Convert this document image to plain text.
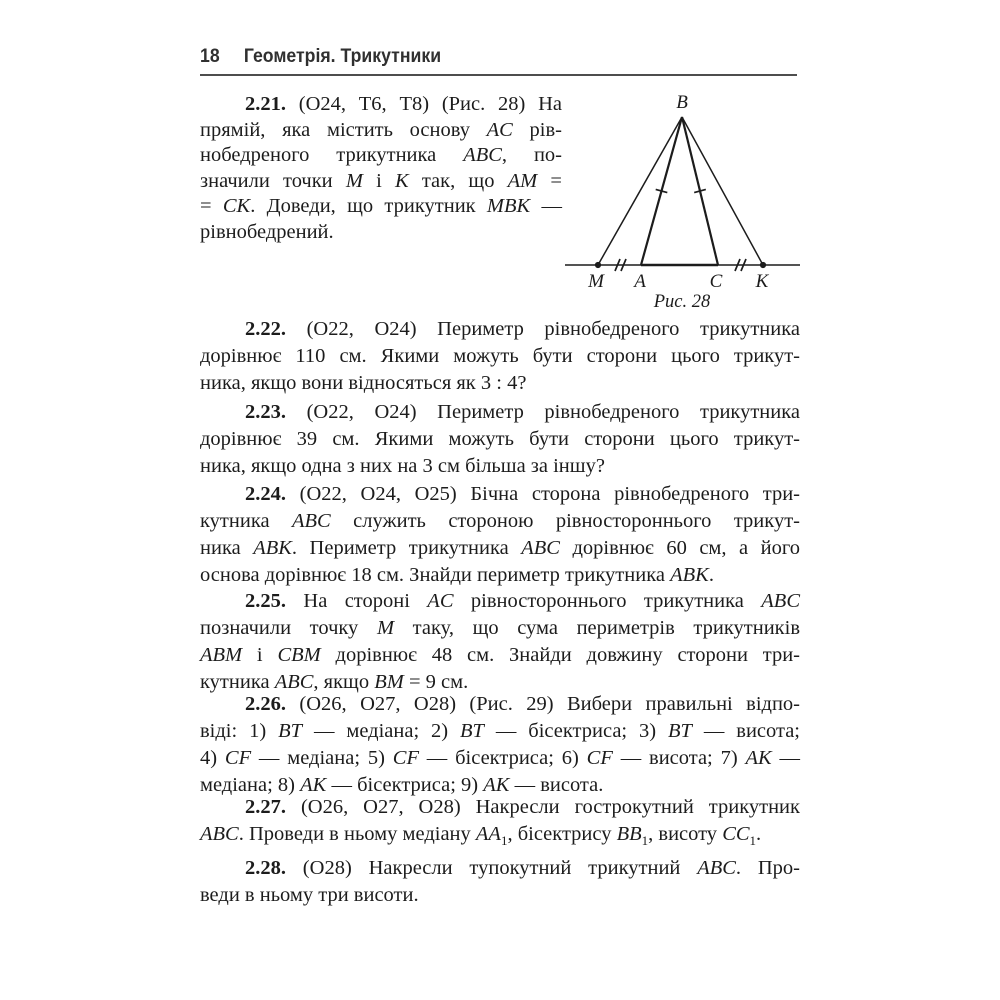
18 Геометрія. Трикутники
2.21. (О24, Т6, Т8) (Рис. 28) На
прямій, яка містить основу AC рів-
нобедреного трикутника ABC, по-
значили точки M і K так, що AM =
= CK. Доведи, що трикутник MBK —
рівнобедрений.
2.22. (О22, О24) Периметр рівнобедреного трикутника
дорівнює 110 см. Якими можуть бути сторони цього трикут-
ника, якщо вони відносяться як 3 : 4?
2.23. (О22, О24) Периметр рівнобедреного трикутника
дорівнює 39 см. Якими можуть бути сторони цього трикут-
ника, якщо одна з них на 3 см більша за іншу?
2.24. (О22, О24, О25) Бічна сторона рівнобедреного три-
кутника ABC служить стороною рівностороннього трикут-
ника ABK. Периметр трикутника ABC дорівнює 60 см, а його
основа дорівнює 18 см. Знайди периметр трикутника ABK.
2.25. На стороні AC рівностороннього трикутника ABC
позначили точку M таку, що сума периметрів трикутників
ABM і CBM дорівнює 48 см. Знайди довжину сторони три-
кутника ABC, якщо BM = 9 см.
2.26. (О26, О27, О28) (Рис. 29) Вибери правильні відпо-
віді: 1) BT — медіана; 2) BT — бісектриса; 3) BT — висота;
4) CF — медіана; 5) CF — бісектриса; 6) CF — висота; 7) AK —
медіана; 8) AK — бісектриса; 9) AK — висота.
2.27. (О26, О27, О28) Накресли гострокутний трикутник
ABC. Проведи в ньому медіану $AA_1$, бісектрису $BB_1$, висоту $CC_1$.
2.28. (О28) Накресли тупокутний трикутний ABC. Про-
веди в ньому три висоти.
B
M A	C K
Рис. 28
